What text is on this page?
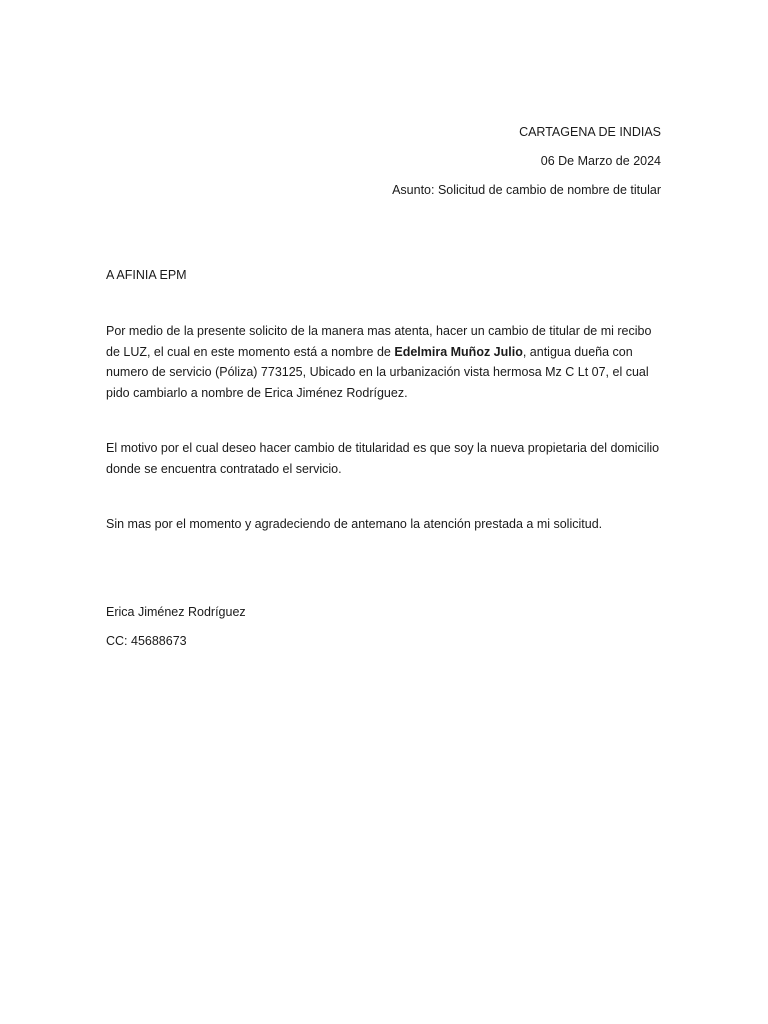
CARTAGENA DE INDIAS
06 De Marzo de 2024
Asunto: Solicitud de cambio de nombre de titular
A AFINIA EPM
Por medio de la presente solicito de la manera mas atenta, hacer un cambio de titular de mi recibo de LUZ, el cual en este momento está a nombre de Edelmira Muñoz Julio, antigua dueña con numero de servicio (Póliza) 773125, Ubicado en la urbanización vista hermosa Mz C Lt 07, el cual pido cambiarlo a nombre de Erica Jiménez Rodríguez.
El motivo por el cual deseo hacer cambio de titularidad es que soy la nueva propietaria del domicilio donde se encuentra contratado el servicio.
Sin mas por el momento y agradeciendo de antemano la atención prestada a mi solicitud.
Erica Jiménez Rodríguez
CC: 45688673
